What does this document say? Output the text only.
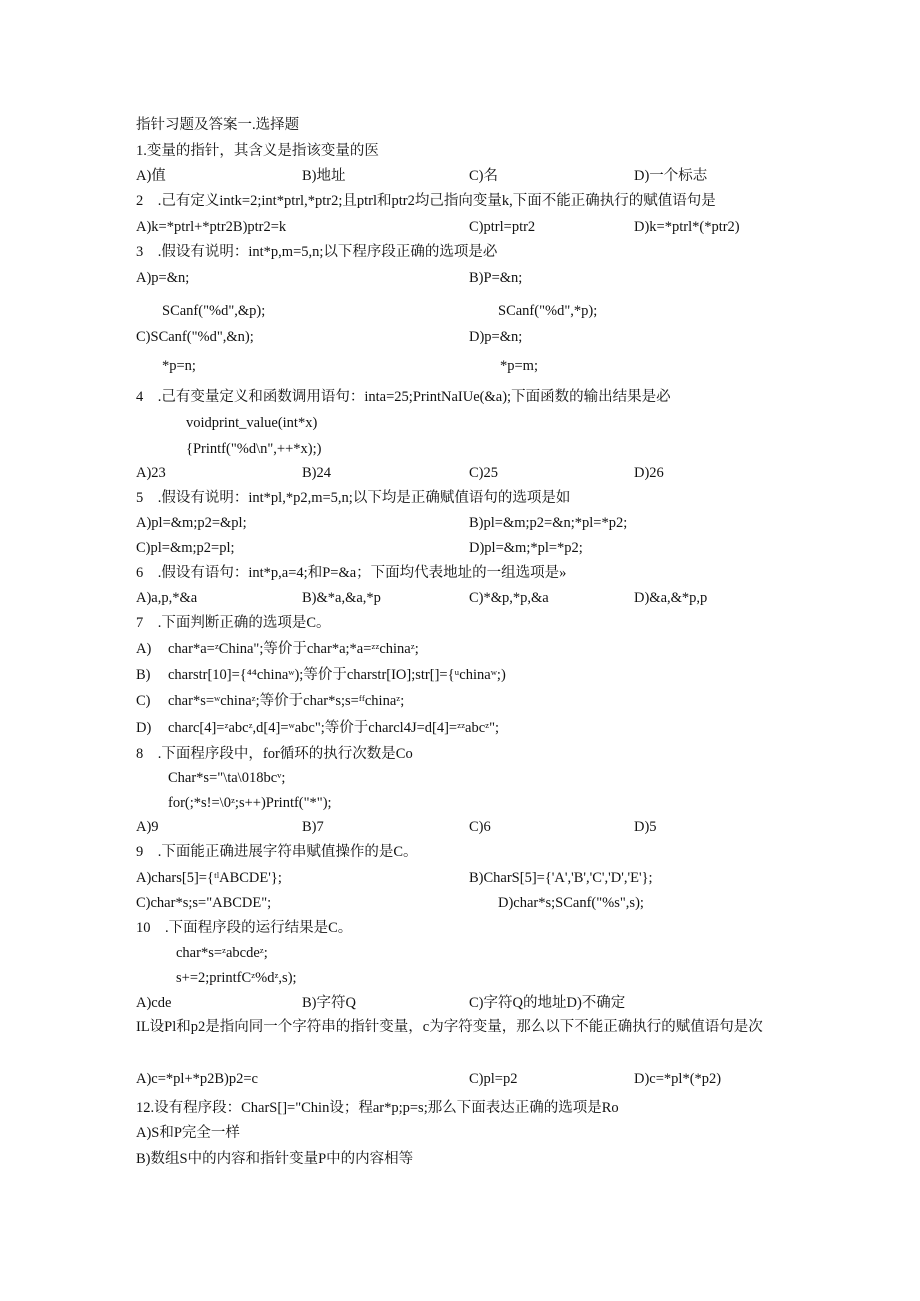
指针习题及答案一.选择题
1.变量的指针，其含义是指该变量的医
A)值	B)地址	C)名	D)一个标志
2　.己有定义intk=2;int*ptrl,*ptr2;且ptrl和ptr2均己指向变量k,下面不能正确执行的赋值语句是
A)k=*ptrl+*ptr2B)ptr2=k	C)ptrl=ptr2	D)k=*ptrl*(*ptr2)
3　.假设有说明：int*p,m=5,n;以下程序段正确的选项是必
A)p=&n;	B)P=&n;
SCanf("%d",&p);	SCanf("%d",*p);
C)SCanf("%d",&n);	D)p=&n;
*p=n;	*p=m;
4　.己有变量定义和函数调用语句：inta=25;PrintNaIUe(&a);下面函数的输出结果是必
voidprint_value(int*x)
{Printf("%d\n",++*x);)
A)23	B)24	C)25	D)26
5　.假设有说明：int*pl,*p2,m=5,n;以下均是正确赋值语句的选项是如
A)pl=&m;p2=&pl;	B)pl=&m;p2=&n;*pl=*p2;
C)pl=&m;p2=pl;	D)pl=&m;*pl=*p2;
6　.假设有语句：int*p,a=4;和P=&a；下面均代表地址的一组选项是»
A)a,p,*&a	B)&*a,&a,*p	C)*&p,*p,&a	D)&a,&*p,p
7　.下面判断正确的选项是C。
A) char*a=ᶻChina";等价于char*a;*a=ᶻᶻchinaᶻ;
B) charstr[10]={⁴⁴chinaʷ);等价于charstr[IO];str[]={ᵘchinaʷ;)
C) char*s=ʷchinaᶻ;等价于char*s;s=ᶠᶠchinaᶻ;
D) charc[4]=ᶻabcᶻ,d[4]=ʷabc";等价于charcl4J=d[4]=ᶻᶻabcᶻ";
8　.下面程序段中，for循环的执行次数是Co
Char*s="\ta\018bcᵛ;
for(;*s!=\0ᶻ;s++)Printf("*");
A)9	B)7	C)6	D)5
9　.下面能正确进展字符串赋值操作的是C。
A)chars[5]={ᵗˡABCDE'};	B)CharS[5]={'A','B','C','D','E'};
C)char*s;s="ABCDE";	D)char*s;SCanf("%s",s);
10　.下面程序段的运行结果是C。
char*s=ᶻabcdeᶻ;
s+=2;printfCᶻ%dᶻ,s);
A)cde	B)字符Q	C)字符Q的地址D)不确定
IL设Pl和p2是指向同一个字符串的指针变量，c为字符变量，那么以下不能正确执行的赋值语句是次
A)c=*pl+*p2B)p2=c	C)pl=p2	D)c=*pl*(*p2)
12.设有程序段：CharS[]="Chin设；程ar*p;p=s;那么下面表达正确的选项是Ro
A)S和P完全一样
B)数组S中的内容和指针变量P中的内容相等
